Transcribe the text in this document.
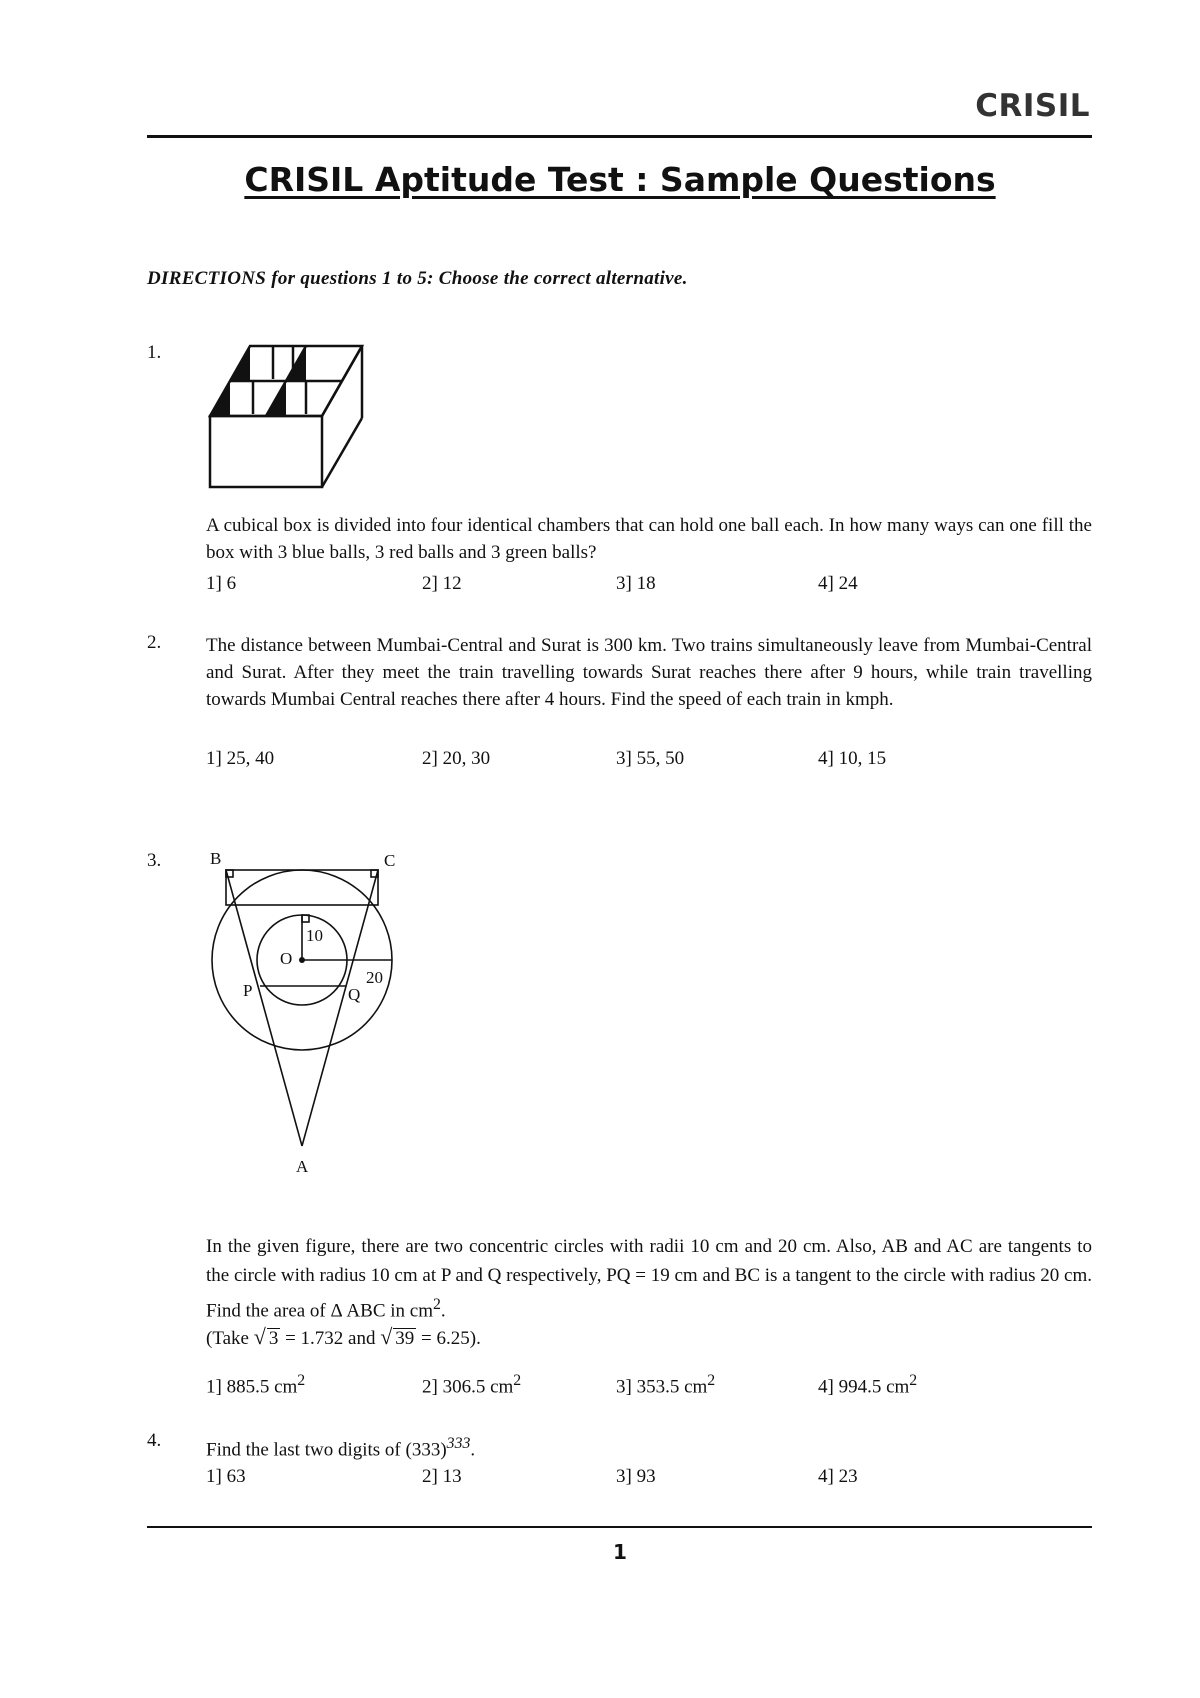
CRISIL
CRISIL Aptitude Test : Sample Questions
DIRECTIONS for questions 1 to 5: Choose the correct alternative.
1.
A cubical box is divided into four identical chambers that can hold one ball each. In how many ways can one fill the box with 3 blue balls, 3 red balls and 3 green balls?
1] 6	2] 12	3] 18	4] 24
2. The distance between Mumbai-Central and Surat is 300 km. Two trains simultaneously leave from Mumbai-Central and Surat. After they meet the train travelling towards Surat reaches there after 9 hours, while train travelling towards Mumbai Central reaches there after 4 hours. Find the speed of each train in kmph.
1] 25, 40	2] 20, 30	3] 55, 50	4] 10, 15
3.	B	C
O
P	Q
10
20
A
In the given figure, there are two concentric circles with radii 10 cm and 20 cm. Also, AB and AC are tangents to the circle with radius 10 cm at P and Q respectively, PQ = 19 cm and BC is a tangent to the circle with radius 20 cm. Find the area of Δ ABC in $cm^2$.
(Take √ 3 = 1.732 and √ 39 = 6.25).
1] 885.5 $cm^2$	2] 306.5 $cm^2$	3] 353.5 $cm^2$	4] 994.5 $cm^2$
4. Find the last two digits of $(333)^{333}$.
1] 63	2] 13	3] 93	4] 23
1
